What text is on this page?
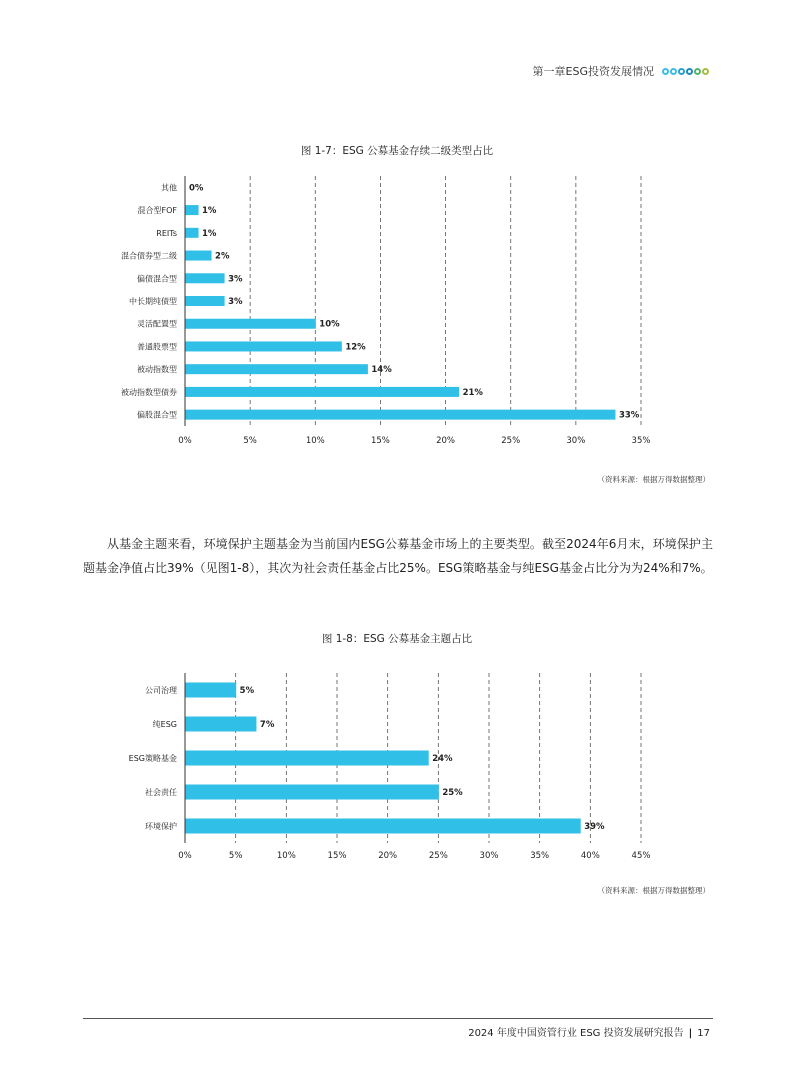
第一章ESG投资发展情况
图 1-7：ESG 公募基金存续二级类型占比
0%	5%	10%	15%	20%	25%	30%	35%
其他 0%
混合型FOF	1%
REITs	1%
混合债券型二级	2%
偏债混合型	3%
中长期纯债型	3%
灵活配置型	10%
普通股票型	12%
被动指数型	14%
被动指数型债券	21%
偏股混合型	33%
（资料来源：根据万得数据整理）
从基金主题来看，环境保护主题基金为当前国内ESG公募基金市场上的主要类型。截至2024年6月末，环境保护主题基金净值占比39%（见图1-8），其次为社会责任基金占比25%。ESG策略基金与纯ESG基金占比分为为24%和7%。
图 1-8：ESG 公募基金主题占比
0%	5%	10%	15%	20%	25%	30%	35%	40%	45%
公司治理	5%
纯ESG	7%
ESG策略基金	24%
社会责任	25%
环境保护	39%
（资料来源：根据万得数据整理）
2024 年度中国资管行业 ESG 投资发展研究报告 | 17
